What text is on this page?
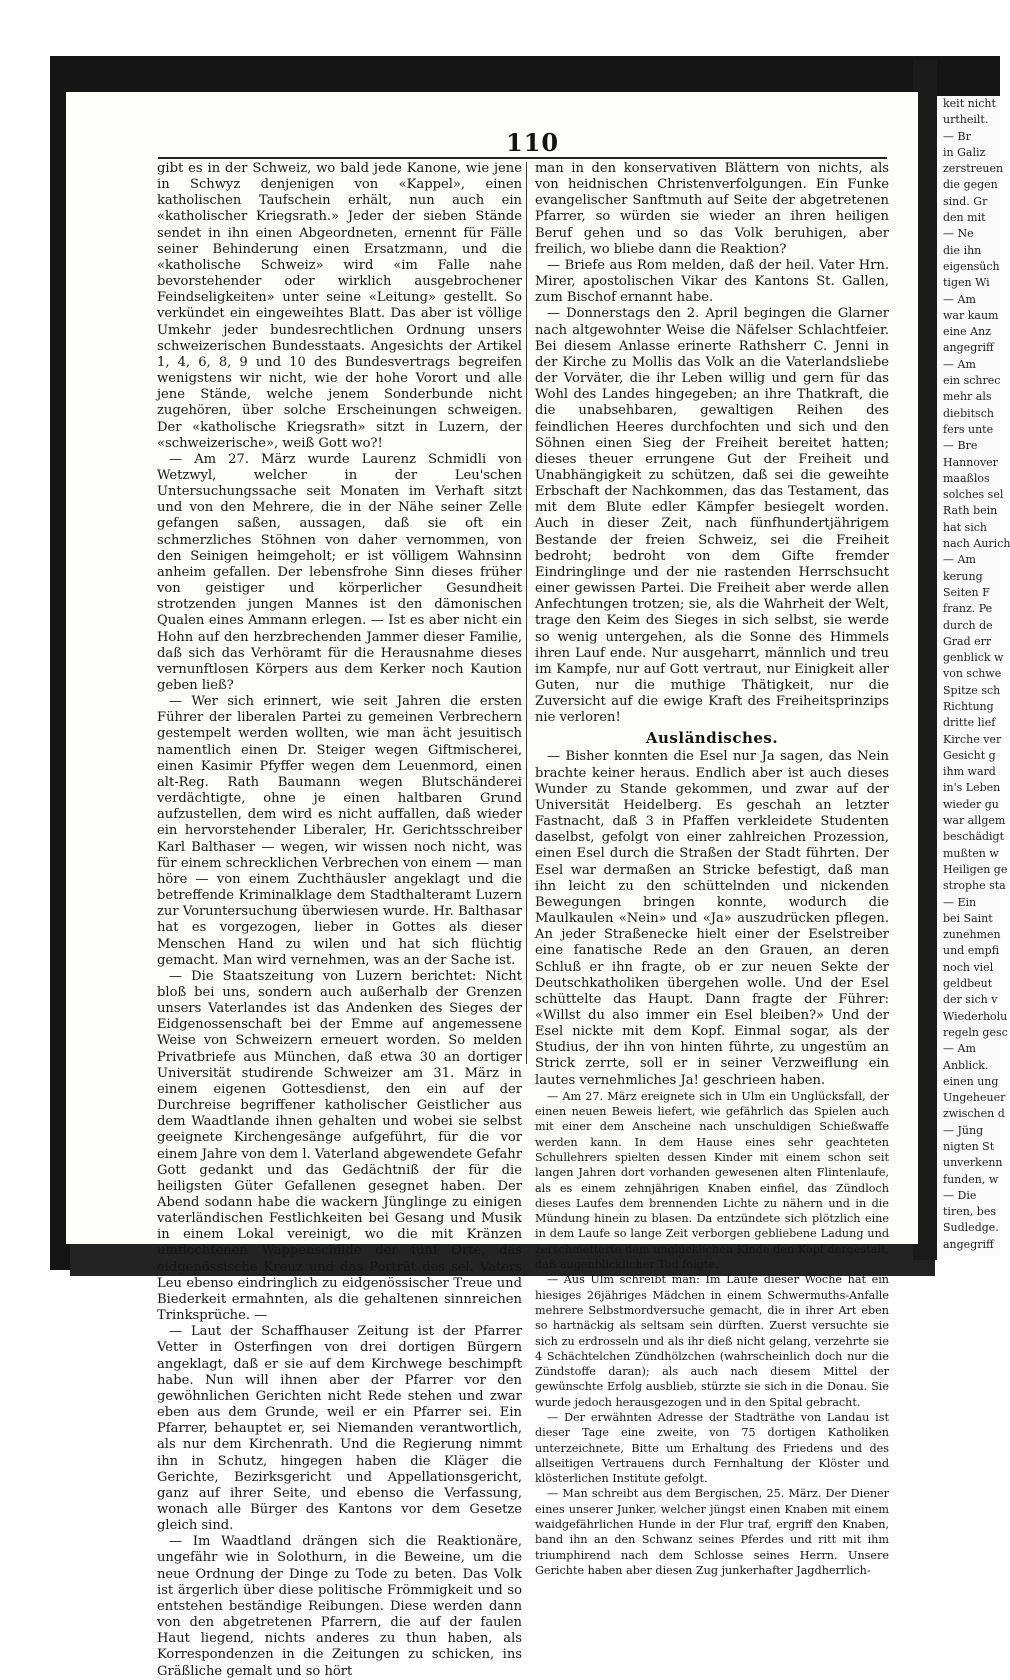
110

gibt es in der Schweiz, wo bald jede Kanone, wie jene in Schwyz denjenigen von «Kappel», einen katholischen Taufschein erhält, nun auch ein «katholischer Kriegsrath.» Jeder der sieben Stände sendet in ihn einen Abgeordneten, ernennt für Fälle seiner Behinderung einen Ersatzmann, und die «katholische Schweiz» wird «im Falle nahe bevorstehender oder wirklich ausgebrochener Feindseligkeiten» unter seine «Leitung» gestellt. So verkündet ein eingeweihtes Blatt. Das aber ist völlige Umkehr jeder bundesrechtlichen Ordnung unsers schweizerischen Bundesstaats. Angesichts der Artikel 1, 4, 6, 8, 9 und 10 des Bundesvertrags begreifen wenigstens wir nicht, wie der hohe Vorort und alle jene Stände, welche jenem Sonderbunde nicht zugehören, über solche Erscheinungen schweigen. Der «katholische Kriegsrath» sitzt in Luzern, der «schweizerische», weiß Gott wo?!

— Am 27. März wurde Laurenz Schmidli von Wetzwyl, welcher in der Leu'schen Untersuchungssache seit Monaten im Verhaft sitzt und von den Mehrere, die in der Nähe seiner Zelle gefangen saßen, aussagen, daß sie oft ein schmerzliches Stöhnen von daher vernommen, von den Seinigen heimgeholt; er ist völligem Wahnsinn anheim gefallen. Der lebensfrohe Sinn dieses früher von geistiger und körperlicher Gesundheit strotzenden jungen Mannes ist den dämonischen Qualen eines Ammann erlegen. — Ist es aber nicht ein Hohn auf den herzbrechenden Jammer dieser Familie, daß sich das Verhöramt für die Herausnahme dieses vernunftlosen Körpers aus dem Kerker noch Kaution geben ließ?

— Wer sich erinnert, wie seit Jahren die ersten Führer der liberalen Partei zu gemeinen Verbrechern gestempelt werden wollten, wie man ächt jesuitisch namentlich einen Dr. Steiger wegen Giftmischerei, einen Kasimir Pfyffer wegen dem Leuenmord, einen alt-Reg. Rath Baumann wegen Blutschänderei verdächtigte, ohne je einen haltbaren Grund aufzustellen, dem wird es nicht auffallen, daß wieder ein hervorstehender Liberaler, Hr. Gerichtsschreiber Karl Balthaser — wegen, wir wissen noch nicht, was für einem schrecklichen Verbrechen von einem — man höre — von einem Zuchthäusler angeklagt und die betreffende Kriminalklage dem Stadthalteramt Luzern zur Voruntersuchung überwiesen wurde. Hr. Balthasar hat es vorgezogen, lieber in Gottes als dieser Menschen Hand zu wilen und hat sich flüchtig gemacht. Man wird vernehmen, was an der Sache ist.

— Die Staatszeitung von Luzern berichtet: Nicht bloß bei uns, sondern auch außerhalb der Grenzen unsers Vaterlandes ist das Andenken des Sieges der Eidgenossenschaft bei der Emme auf angemessene Weise von Schweizern erneuert worden. So melden Privatbriefe aus München, daß etwa 30 an dortiger Universität studirende Schweizer am 31. März in einem eigenen Gottesdienst, den ein auf der Durchreise begriffener katholischer Geistlicher aus dem Waadtlande ihnen gehalten und wobei sie selbst geeignete Kirchengesänge aufgeführt, für die vor einem Jahre von dem l. Vaterland abgewendete Gefahr Gott gedankt und das Gedächtniß der für die heiligsten Güter Gefallenen gesegnet haben. Der Abend sodann habe die wackern Jünglinge zu einigen vaterländischen Festlichkeiten bei Gesang und Musik in einem Lokal vereinigt, wo die mit Kränzen umflochtenen Wappenschilde der fünf Orte, das eidgenössische Kreuz und das Porträt des sel. Vaters Leu ebenso eindringlich zu eidgenössischer Treue und Biederkeit ermahnten, als die gehaltenen sinnreichen Trinksprüche. —

— Laut der Schaffhauser Zeitung ist der Pfarrer Vetter in Osterfingen von drei dortigen Bürgern angeklagt, daß er sie auf dem Kirchwege beschimpft habe. Nun will ihnen aber der Pfarrer vor den gewöhnlichen Gerichten nicht Rede stehen und zwar eben aus dem Grunde, weil er ein Pfarrer sei. Ein Pfarrer, behauptet er, sei Niemanden verantwortlich, als nur dem Kirchenrath. Und die Regierung nimmt ihn in Schutz, hingegen haben die Kläger die Gerichte, Bezirksgericht und Appellationsgericht, ganz auf ihrer Seite, und ebenso die Verfassung, wonach alle Bürger des Kantons vor dem Gesetze gleich sind.

— Im Waadtland drängen sich die Reaktionäre, ungefähr wie in Solothurn, in die Beweine, um die neue Ordnung der Dinge zu Tode zu beten. Das Volk ist ärgerlich über diese politische Frömmigkeit und so entstehen beständige Reibungen. Diese werden dann von den abgetretenen Pfarrern, die auf der faulen Haut liegend, nichts anderes zu thun haben, als Korrespondenzen in die Zeitungen zu schicken, ins Gräßliche gemalt und so hört

man in den konservativen Blättern von nichts, als von heidnischen Christenverfolgungen. Ein Funke evangelischer Sanftmuth auf Seite der abgetretenen Pfarrer, so würden sie wieder an ihren heiligen Beruf gehen und so das Volk beruhigen, aber freilich, wo bliebe dann die Reaktion?

— Briefe aus Rom melden, daß der heil. Vater Hrn. Mirer, apostolischen Vikar des Kantons St. Gallen, zum Bischof ernannt habe.

— Donnerstags den 2. April begingen die Glarner nach altgewohnter Weise die Näfelser Schlachtfeier. Bei diesem Anlasse erinerte Rathsherr C. Jenni in der Kirche zu Mollis das Volk an die Vaterlandsliebe der Vorväter, die ihr Leben willig und gern für das Wohl des Landes hingegeben; an ihre Thatkraft, die die unabsehbaren, gewaltigen Reihen des feindlichen Heeres durchfochten und sich und den Söhnen einen Sieg der Freiheit bereitet hatten; dieses theuer errungene Gut der Freiheit und Unabhängigkeit zu schützen, daß sei die geweihte Erbschaft der Nachkommen, das das Testament, das mit dem Blute edler Kämpfer besiegelt worden. Auch in dieser Zeit, nach fünfhundertjährigem Bestande der freien Schweiz, sei die Freiheit bedroht; bedroht von dem Gifte fremder Eindringlinge und der nie rastenden Herrschsucht einer gewissen Partei. Die Freiheit aber werde allen Anfechtungen trotzen; sie, als die Wahrheit der Welt, trage den Keim des Sieges in sich selbst, sie werde so wenig untergehen, als die Sonne des Himmels ihren Lauf ende. Nur ausgeharrt, männlich und treu im Kampfe, nur auf Gott vertraut, nur Einigkeit aller Guten, nur die muthige Thätigkeit, nur die Zuversicht auf die ewige Kraft des Freiheitsprinzips nie verloren!

Ausländisches.

— Bisher konnten die Esel nur Ja sagen, das Nein brachte keiner heraus. Endlich aber ist auch dieses Wunder zu Stande gekommen, und zwar auf der Universität Heidelberg. Es geschah an letzter Fastnacht, daß 3 in Pfaffen verkleidete Studenten daselbst, gefolgt von einer zahlreichen Prozession, einen Esel durch die Straßen der Stadt führten. Der Esel war dermaßen an Stricke befestigt, daß man ihn leicht zu den schüttelnden und nickenden Bewegungen bringen konnte, wodurch die Maulkaulen «Nein» und «Ja» auszudrücken pflegen. An jeder Straßenecke hielt einer der Eselstreiber eine fanatische Rede an den Grauen, an deren Schluß er ihn fragte, ob er zur neuen Sekte der Deutschkatholiken übergehen wolle. Und der Esel schüttelte das Haupt. Dann fragte der Führer: «Willst du also immer ein Esel bleiben?» Und der Esel nickte mit dem Kopf. Einmal sogar, als der Studius, der ihn von hinten führte, zu ungestüm an Strick zerrte, soll er in seiner Verzweiflung ein lautes vernehmliches Ja! geschrieen haben.

— Am 27. März ereignete sich in Ulm ein Unglücksfall, der einen neuen Beweis liefert, wie gefährlich das Spielen auch mit einer dem Anscheine nach unschuldigen Schießwaffe werden kann. In dem Hause eines sehr geachteten Schullehrers spielten dessen Kinder mit einem schon seit langen Jahren dort vorhanden gewesenen alten Flintenlaufe, als es einem zehnjährigen Knaben einfiel, das Zündloch dieses Laufes dem brennenden Lichte zu nähern und in die Mündung hinein zu blasen. Da entzündete sich plötzlich eine in dem Laufe so lange Zeit verborgen gebliebene Ladung und zerschmetterte dem unglücklichen Kinde den Kopf dergestalt, daß augenblicklicher Tod folgte.

— Aus Ulm schreibt man: Im Laufe dieser Woche hat ein hiesiges 26jähriges Mädchen in einem Schwermuths-Anfalle mehrere Selbstmordversuche gemacht, die in ihrer Art eben so hartnäckig als seltsam sein dürften. Zuerst versuchte sie sich zu erdrosseln und als ihr dieß nicht gelang, verzehrte sie 4 Schächtelchen Zündhölzchen (wahrscheinlich doch nur die Zündstoffe daran); als auch nach diesem Mittel der gewünschte Erfolg ausblieb, stürzte sie sich in die Donau. Sie wurde jedoch herausgezogen und in den Spital gebracht.

— Der erwähnten Adresse der Stadträthe von Landau ist dieser Tage eine zweite, von 75 dortigen Katholiken unterzeichnete, Bitte um Erhaltung des Friedens und des allseitigen Vertrauens durch Fernhaltung der Klöster und klösterlichen Institute gefolgt.

— Man schreibt aus dem Bergischen, 25. März. Der Diener eines unserer Junker, welcher jüngst einen Knaben mit einem waidgefährlichen Hunde in der Flur traf, ergriff den Knaben, band ihn an den Schwanz seines Pferdes und ritt mit ihm triumphirend nach dem Schlosse seines Herrn. Unsere Gerichte haben aber diesen Zug junkerhafter Jagdherrlich-

keit nicht
urtheilt.
— Br
in Galiz
zerstreuen
die gegen
sind. Gr
den mit
— Ne
die ihn
eigensüch
tigen Wi
— Am
war kaum
eine Anz
angegriff
— Am
ein schrec
mehr als
diebitsch
fers unte
— Bre
Hannover
maaßlos
solches sel
Rath bein
hat sich
nach Aurich
— Am
kerung
Seiten F
franz. Pe
durch de
Grad err
genblick w
von schwe
Spitze sch
Richtung
dritte lief
Kirche ver
Gesicht g
ihm ward
in's Leben
wieder gu
war allgem
beschädigt
mußten w
Heiligen ge
strophe sta
— Ein
bei Saint
zunehmen
und empfi
noch viel
geldbeut
der sich v
Wiederholu
regeln gesc
— Am
Anblick.
einen ung
Ungeheuer
zwischen d
— Jüng
nigten St
unverkenn
funden, w
— Die
tiren, bes
Sudledge.
angegriff
